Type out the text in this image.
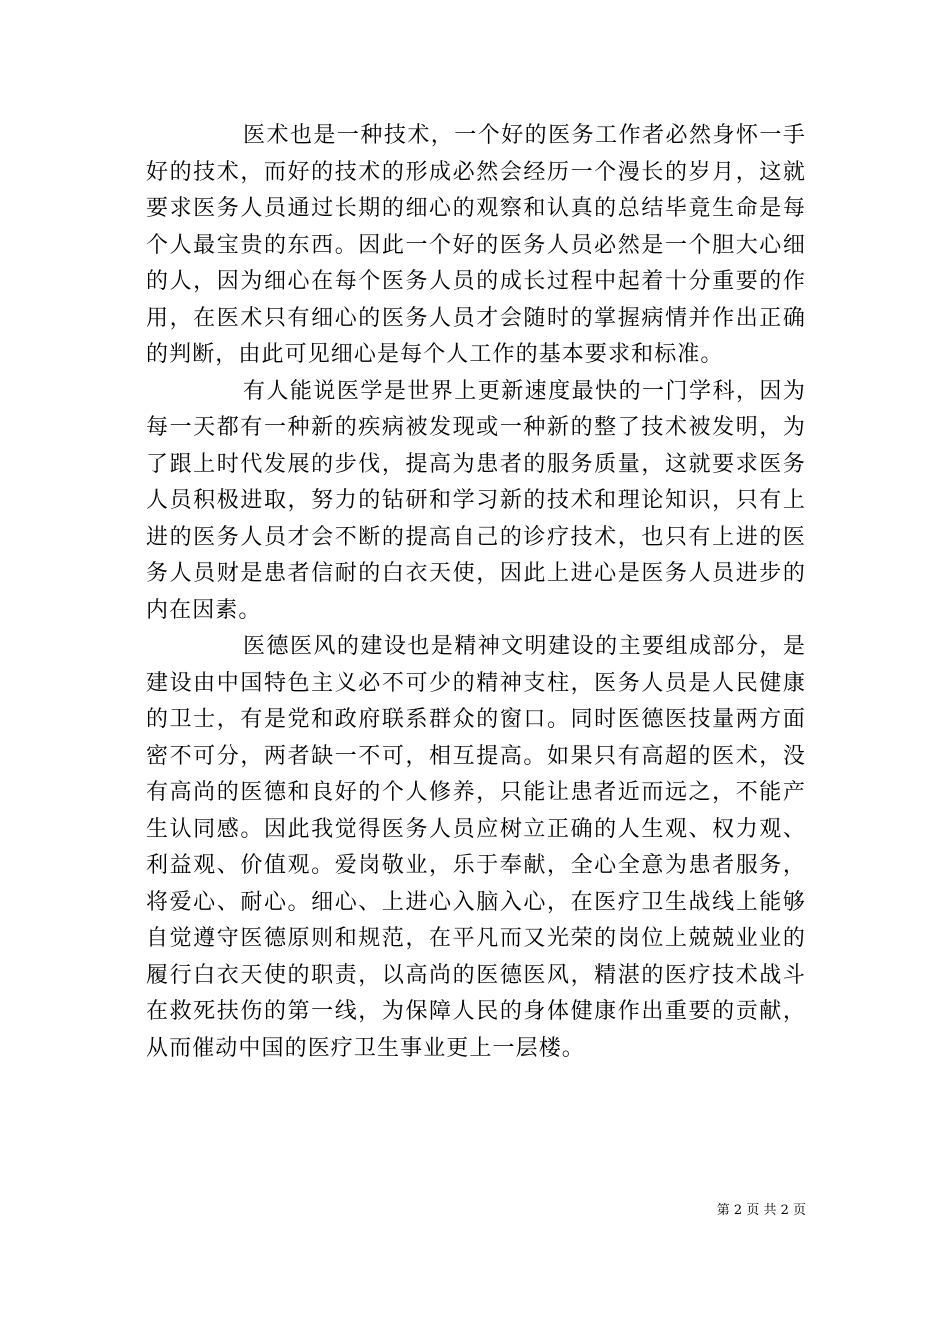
医术也是一种技术，一个好的医务工作者必然身怀一手好的技术，而好的技术的形成必然会经历一个漫长的岁月，这就要求医务人员通过长期的细心的观察和认真的总结毕竟生命是每个人最宝贵的东西。因此一个好的医务人员必然是一个胆大心细的人，因为细心在每个医务人员的成长过程中起着十分重要的作用，在医术只有细心的医务人员才会随时的掌握病情并作出正确的判断，由此可见细心是每个人工作的基本要求和标准。

有人能说医学是世界上更新速度最快的一门学科，因为每一天都有一种新的疾病被发现或一种新的整了技术被发明，为了跟上时代发展的步伐，提高为患者的服务质量，这就要求医务人员积极进取，努力的钻研和学习新的技术和理论知识，只有上进的医务人员才会不断的提高自己的诊疗技术，也只有上进的医务人员财是患者信耐的白衣天使，因此上进心是医务人员进步的内在因素。

医德医风的建设也是精神文明建设的主要组成部分，是建设由中国特色主义必不可少的精神支柱，医务人员是人民健康的卫士，有是党和政府联系群众的窗口。同时医德医技量两方面密不可分，两者缺一不可，相互提高。如果只有高超的医术，没有高尚的医德和良好的个人修养，只能让患者近而远之，不能产生认同感。因此我觉得医务人员应树立正确的人生观、权力观、利益观、价值观。爱岗敬业，乐于奉献，全心全意为患者服务，将爱心、耐心。细心、上进心入脑入心，在医疗卫生战线上能够自觉遵守医德原则和规范，在平凡而又光荣的岗位上兢兢业业的履行白衣天使的职责，以高尚的医德医风，精湛的医疗技术战斗在救死扶伤的第一线，为保障人民的身体健康作出重要的贡献，从而催动中国的医疗卫生事业更上一层楼。

第 2 页 共 2 页
